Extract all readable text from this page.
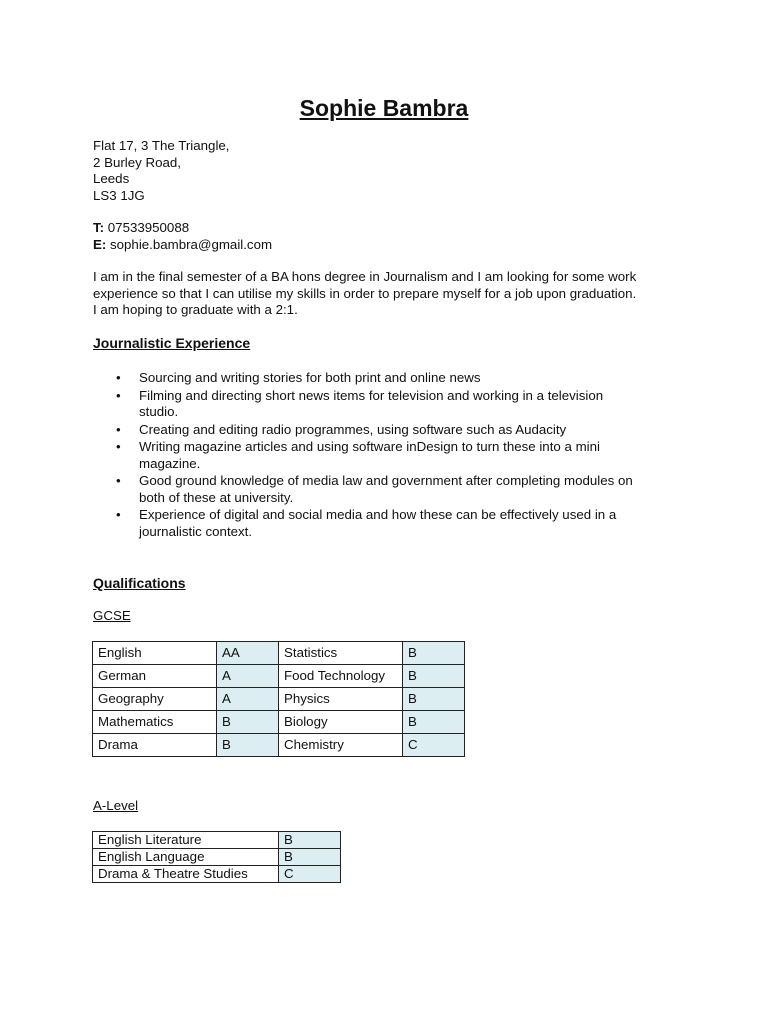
Sophie Bambra
Flat 17, 3 The Triangle,
2 Burley Road,
Leeds
LS3 1JG
T: 07533950088
E: sophie.bambra@gmail.com
I am in the final semester of a BA hons degree in Journalism and I am looking for some work
experience so that I can utilise my skills in order to prepare myself for a job upon graduation.
I am hoping to graduate with a 2:1.
Journalistic Experience
• Sourcing and writing stories for both print and online news
• Filming and directing short news items for television and working in a television
studio.
• Creating and editing radio programmes, using software such as Audacity
• Writing magazine articles and using software inDesign to turn these into a mini
magazine.
• Good ground knowledge of media law and government after completing modules on
both of these at university.
• Experience of digital and social media and how these can be effectively used in a
journalistic context.
Qualifications
GCSE
English	AA	Statistics	B
German	A	Food Technology	B
Geography	A	Physics	B
Mathematics	B	Biology	B
Drama	B	Chemistry	C
A-Level
English Literature	B
English Language	B
Drama & Theatre Studies	C
